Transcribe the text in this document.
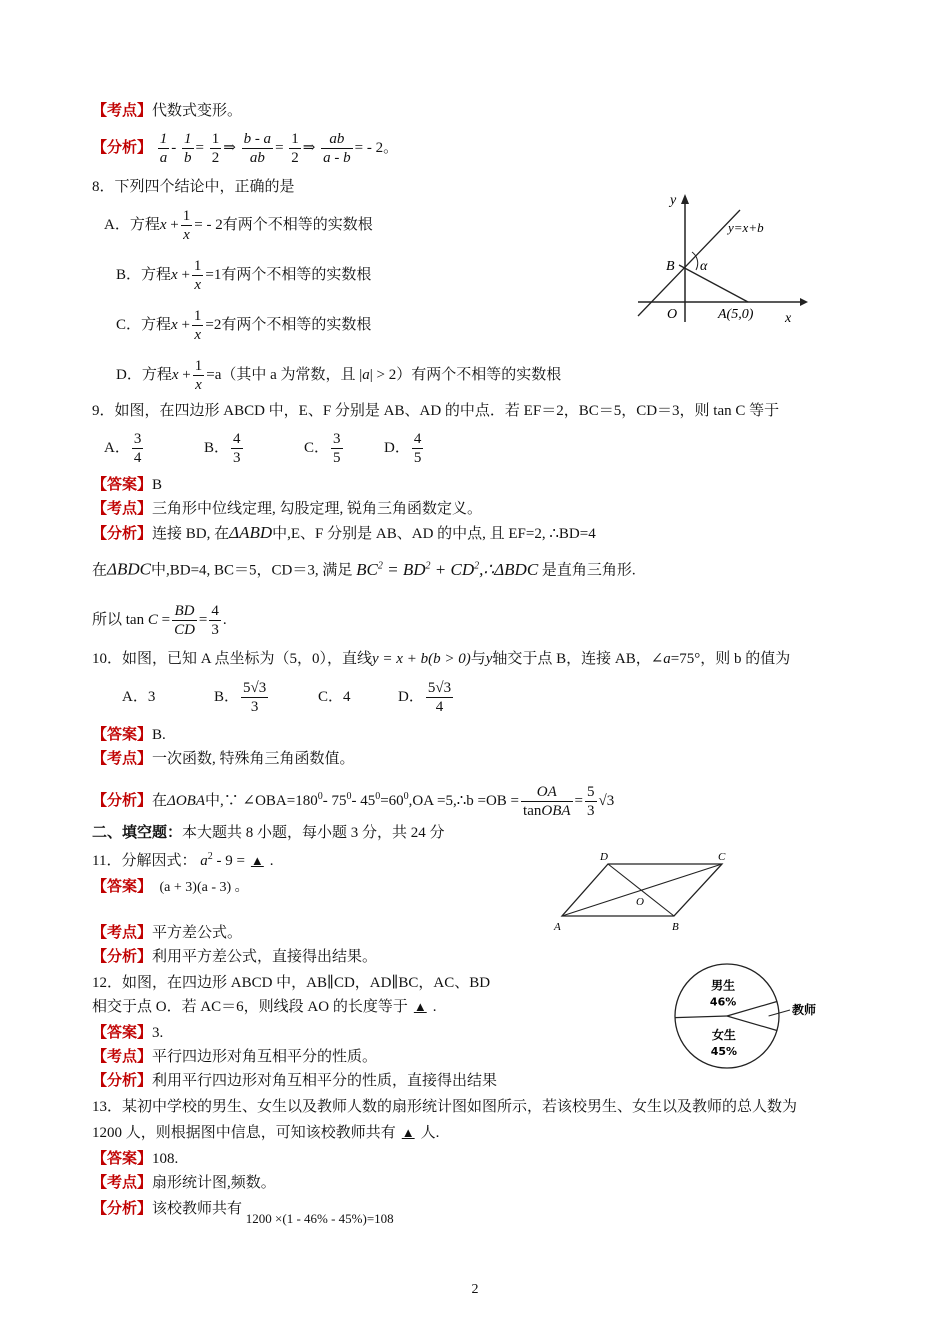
【考点】代数式变形。
【分析】 $\frac{1}{a} - \frac{1}{b} = \frac{1}{2}$ ⇒ $\frac{b - a}{ab} = \frac{1}{2}$ ⇒ $\frac{ab}{a - b}$ = - 2。
8．下列四个结论中，正确的是
A．方程$x + \frac{1}{x}$ = - 2有两个不相等的实数根
B．方程$x + \frac{1}{x} =1$有两个不相等的实数根
C．方程$x + \frac{1}{x} =2$有两个不相等的实数根
D．方程$x + \frac{1}{x} =a$（其中 a 为常数，且 |a| > 2）有两个不相等的实数根
y
x
O
y=x+b
B α
A(5,0)
9．如图，在四边形 ABCD 中，E、F 分别是 AB、AD 的中点．若 EF＝2，BC＝5，CD＝3，则 tan C 等于
A． $\frac{3}{4}$	B． $\frac{4}{3}$	C． $\frac{3}{5}$	D． $\frac{4}{5}$
【答案】B
【考点】三角形中位线定理, 勾股定理, 锐角三角函数定义。
【分析】连接 BD, 在ΔABD中,E、F 分别是 AB、AD 的中点, 且 EF=2, ∴BD=4
在ΔBDC中,BD=4, BC＝5，CD＝3, 满足 $BC^2 = BD^2$ + $CD^2,\therefore\Delta BDC$ 是直角三角形.
所以 $\tan C = \frac{BD}{CD} = \frac{4}{3}$ .
10．如图，已知 A 点坐标为（5，0），直线y = x + b(b > 0)与y轴交于点 B，连接 AB，∠a=75°，则 b 的值为
A．3	B． $\frac{5√3}{3}$	C．4	D． $\frac{5√3}{4}$
【答案】B.
【考点】一次函数, 特殊角三角函数值。
【分析】在ΔOBA中,∵ $\angle OBA=180^0-$ $75^0-$ $45^0=60^0,OA$ =5,∴b $=OB = \frac{OA}{\text{tanOBA}} = \frac{5}{3} √3$
二、填空题：本大题共 8 小题，每小题 3 分，共 24 分
11．分解因式： $a^2 - 9$ = ▲ .
【答案】 (a + 3)(a - 3) 。
【考点】平方差公式。
【分析】利用平方差公式，直接得出结果。
D	C
O
A	B
12．如图，在四边形 ABCD 中，AB∥CD，AD∥BC，AC、BD
相交于点 O．若 AC＝6，则线段 AO 的长度等于 ▲ .
【答案】3.
【考点】平行四边形对角互相平分的性质。
【分析】利用平行四边形对角互相平分的性质，直接得出结果
男生
46%
女生
45%
教师
13．某初中学校的男生、女生以及教师人数的扇形统计图如图所示，若该校男生、女生以及教师的总人数为
1200 人，则根据图中信息，可知该校教师共有 ▲ 人.
【答案】108.
【考点】扇形统计图,频数。
【分析】该校教师共有 1200 ×(1 - 46% - 45%)=108
2
